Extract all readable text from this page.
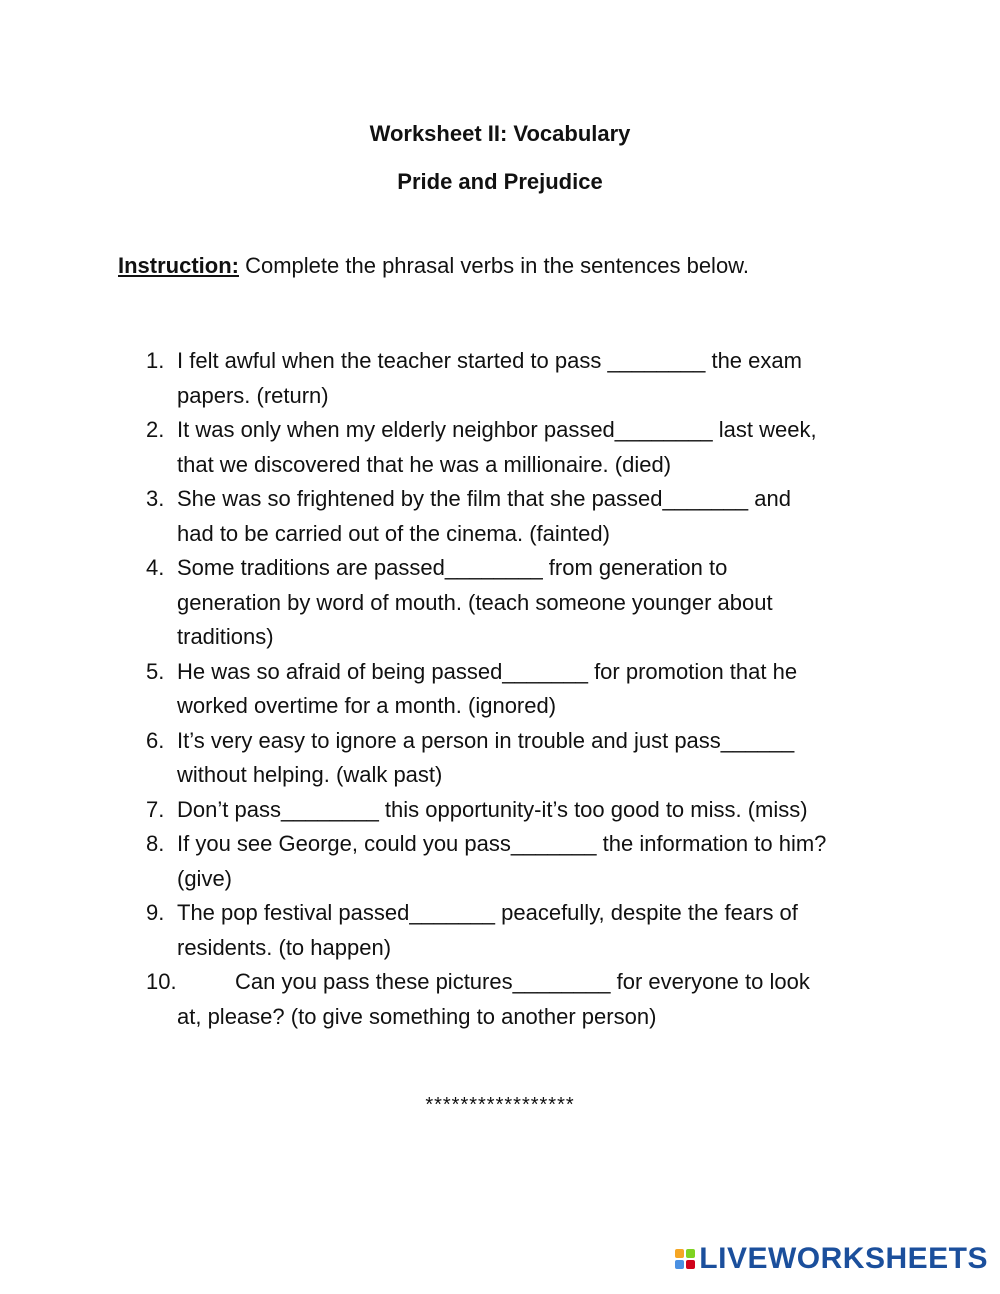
Worksheet II: Vocabulary
Pride and Prejudice
Instruction: Complete the phrasal verbs in the sentences below.
1. I felt awful when the teacher started to pass ________ the exam
papers. (return)
2. It was only when my elderly neighbor passed________ last week,
that we discovered that he was a millionaire. (died)
3. She was so frightened by the film that she passed_______ and
had to be carried out of the cinema. (fainted)
4. Some traditions are passed________ from generation to
generation by word of mouth. (teach someone younger about
traditions)
5. He was so afraid of being passed_______ for promotion that he
worked overtime for a month. (ignored)
6. It’s very easy to ignore a person in trouble and just pass______
without helping. (walk past)
7. Don’t pass________ this opportunity-it’s too good to miss. (miss)
8. If you see George, could you pass_______ the information to him?
(give)
9. The pop festival passed_______ peacefully, despite the fears of
residents. (to happen)
10.	Can you pass these pictures________ for everyone to look
at, please? (to give something to another person)
*****************
LIVEWORKSHEETS
